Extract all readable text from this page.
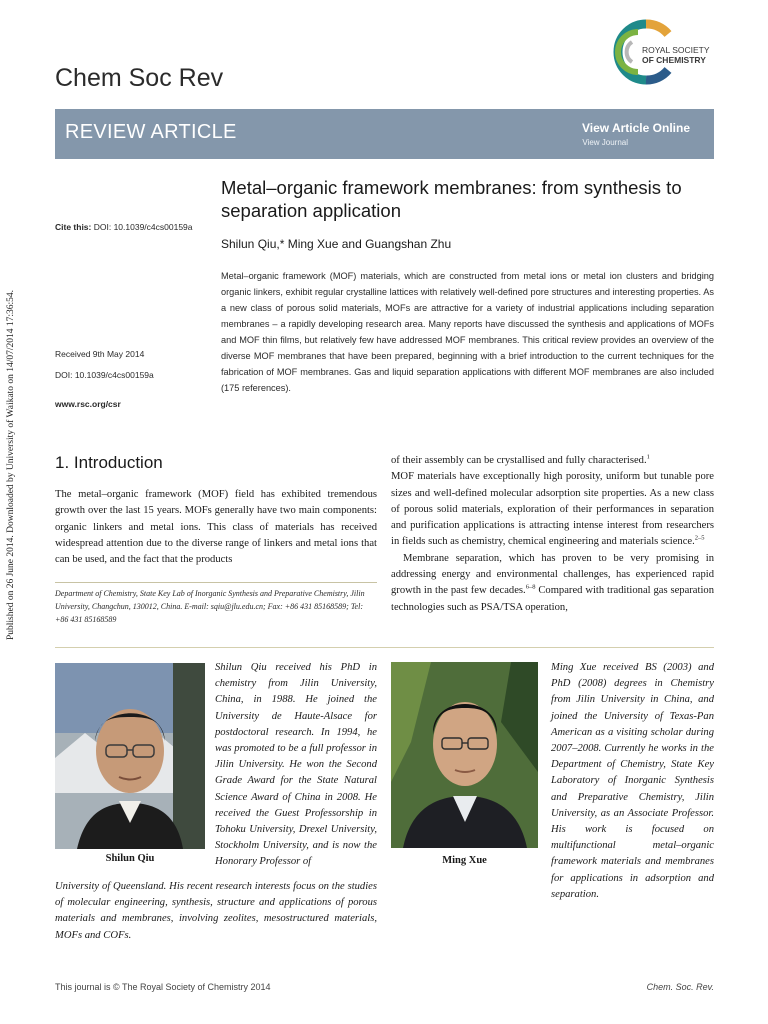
Chem Soc Rev
ROYAL SOCIETY
OF CHEMISTRY
REVIEW ARTICLE	View Article Online
View Journal
Published on 26 June 2014. Downloaded by University of Waikato on 14/07/2014 17:36:54.
Metal–organic framework membranes: from synthesis to separation application
Shilun Qiu,* Ming Xue and Guangshan Zhu
Cite this: DOI: 10.1039/c4cs00159a
Received 9th May 2014
DOI: 10.1039/c4cs00159a
www.rsc.org/csr
Metal–organic framework (MOF) materials, which are constructed from metal ions or metal ion clusters and bridging organic linkers, exhibit regular crystalline lattices with relatively well-defined pore structures and interesting properties. As a new class of porous solid materials, MOFs are attractive for a variety of industrial applications including separation membranes – a rapidly developing research area. Many reports have discussed the synthesis and applications of MOFs and MOF thin films, but relatively few have addressed MOF membranes. This critical review provides an overview of the diverse MOF membranes that have been prepared, beginning with a brief introduction to the current techniques for the fabrication of MOF membranes. Gas and liquid separation applications with different MOF membranes are also included (175 references).
1. Introduction
The metal–organic framework (MOF) field has exhibited tremendous growth over the last 15 years. MOFs generally have two main components: organic linkers and metal ions. This class of materials has received widespread attention due to the diverse range of linkers and metal ions that can be used, and the fact that the products
Department of Chemistry, State Key Lab of Inorganic Synthesis and Preparative Chemistry, Jilin University, Changchun, 130012, China. E-mail: sqiu@jlu.edu.cn; Fax: +86 431 85168589; Tel: +86 431 85168589

of their assembly can be crystallised and fully characterised.$^1$

MOF materials have exceptionally high porosity, uniform but tunable pore sizes and well-defined molecular adsorption site properties. As a new class of porous solid materials, exploration of their performances in separation and purification applications is attracting intense interest from researchers in fields such as chemistry, chemical engineering and materials science.$^{2-5}$

Membrane separation, which has proven to be very promising in addressing energy and environmental challenges, has experienced rapid growth in the past few decades.$^{6-8}$ Compared with traditional gas separation technologies such as PSA/TSA operation,

Shilun Qiu	Ming Xue
Shilun Qiu received his PhD in chemistry from Jilin University, China, in 1988. He joined the University de Haute-Alsace for postdoctoral research. In 1994, he was promoted to be a full professor in Jilin University. He won the Second Grade Award for the State Natural Science Award of China in 2008. He received the Guest Professorship in Tohoku University, Drexel University, Stockholm University, and is now the Honorary Professor of
University of Queensland. His recent research interests focus on the studies of molecular engineering, synthesis, structure and applications of porous materials and membranes, involving zeolites, mesostructured materials, MOFs and COFs.
Ming Xue received BS (2003) and PhD (2008) degrees in Chemistry from Jilin University in China, and joined the University of Texas-Pan American as a visiting scholar during 2007–2008. Currently he works in the Department of Chemistry, State Key Laboratory of Inorganic Synthesis and Preparative Chemistry, Jilin University, as an Associate Professor. His work is focused on multifunctional metal–organic framework materials and membranes for applications in adsorption and separation.
This journal is © The Royal Society of Chemistry 2014	Chem. Soc. Rev.
